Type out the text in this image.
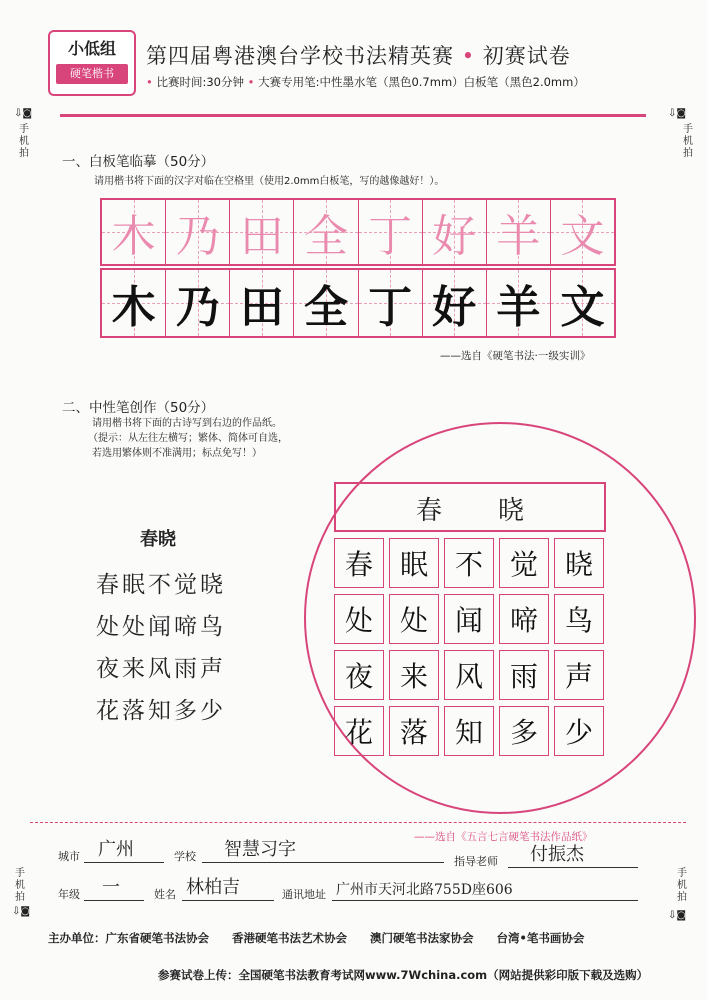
小低组
硬笔楷书
第四届粤港澳台学校书法精英赛 • 初赛试卷
• 比赛时间:30分钟 • 大赛专用笔:中性墨水笔（黑色0.7mm）白板笔（黑色2.0mm）
⇩◙
手机拍
⇩◙
手机拍
手机拍
⇩◙
手机拍
⇩◙
一、白板笔临摹（50分）
请用楷书将下面的汉字对临在空格里（使用2.0mm白板笔，写的越像越好！）。
木 乃 田 全 丁 好 羊 文
木 乃 田 全 丁 好 羊 文
——选自《硬笔书法·一级实训》
二、中性笔创作（50分）
请用楷书将下面的古诗写到右边的作品纸。
（提示：从左往左横写；繁体、简体可自选，
若选用繁体则不准满用；标点免写！）
春晓
春眠不觉晓
处处闻啼鸟
夜来风雨声
花落知多少
春 晓
春 眠 不 觉 晓
处 处 闻 啼 鸟
夜 来 风 雨 声
花 落 知 多 少
——选自《五言七言硬笔书法作品纸》
城市 广州	学校 智慧习字
指导老师 付振杰
年级 一	姓名 林柏吉	通讯地址 广州市天河北路755D座606
主办单位：广东省硬笔书法协会　　香港硬笔书法艺术协会　　澳门硬笔书法家协会　　台湾•笔书画协会
参赛试卷上传：全国硬笔书法教育考试网www.7Wchina.com（网站提供彩印版下载及选购）
